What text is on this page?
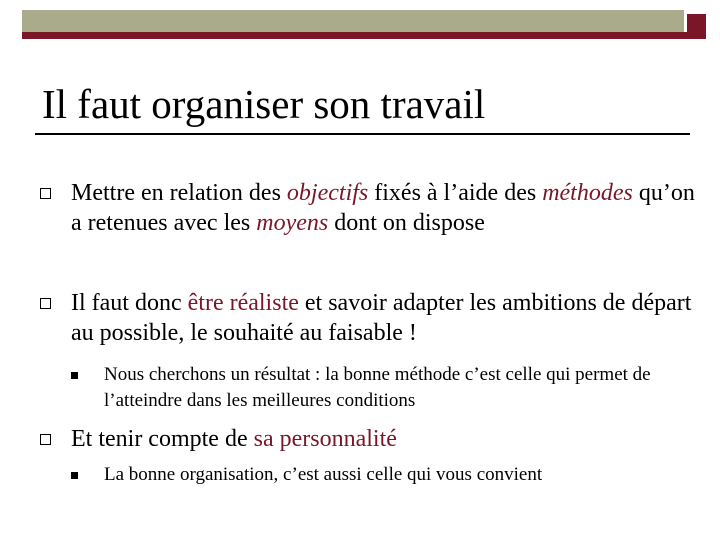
Il faut organiser son travail
Mettre en relation des objectifs fixés à l’aide des méthodes qu’on a retenues avec les moyens dont on dispose
Il faut donc être réaliste et savoir adapter les ambitions de départ au possible, le souhaité au faisable !
Nous cherchons un résultat : la bonne méthode c’est celle qui permet de l’atteindre dans les meilleures conditions
Et tenir compte de sa personnalité
La bonne organisation, c’est aussi celle qui vous convient
